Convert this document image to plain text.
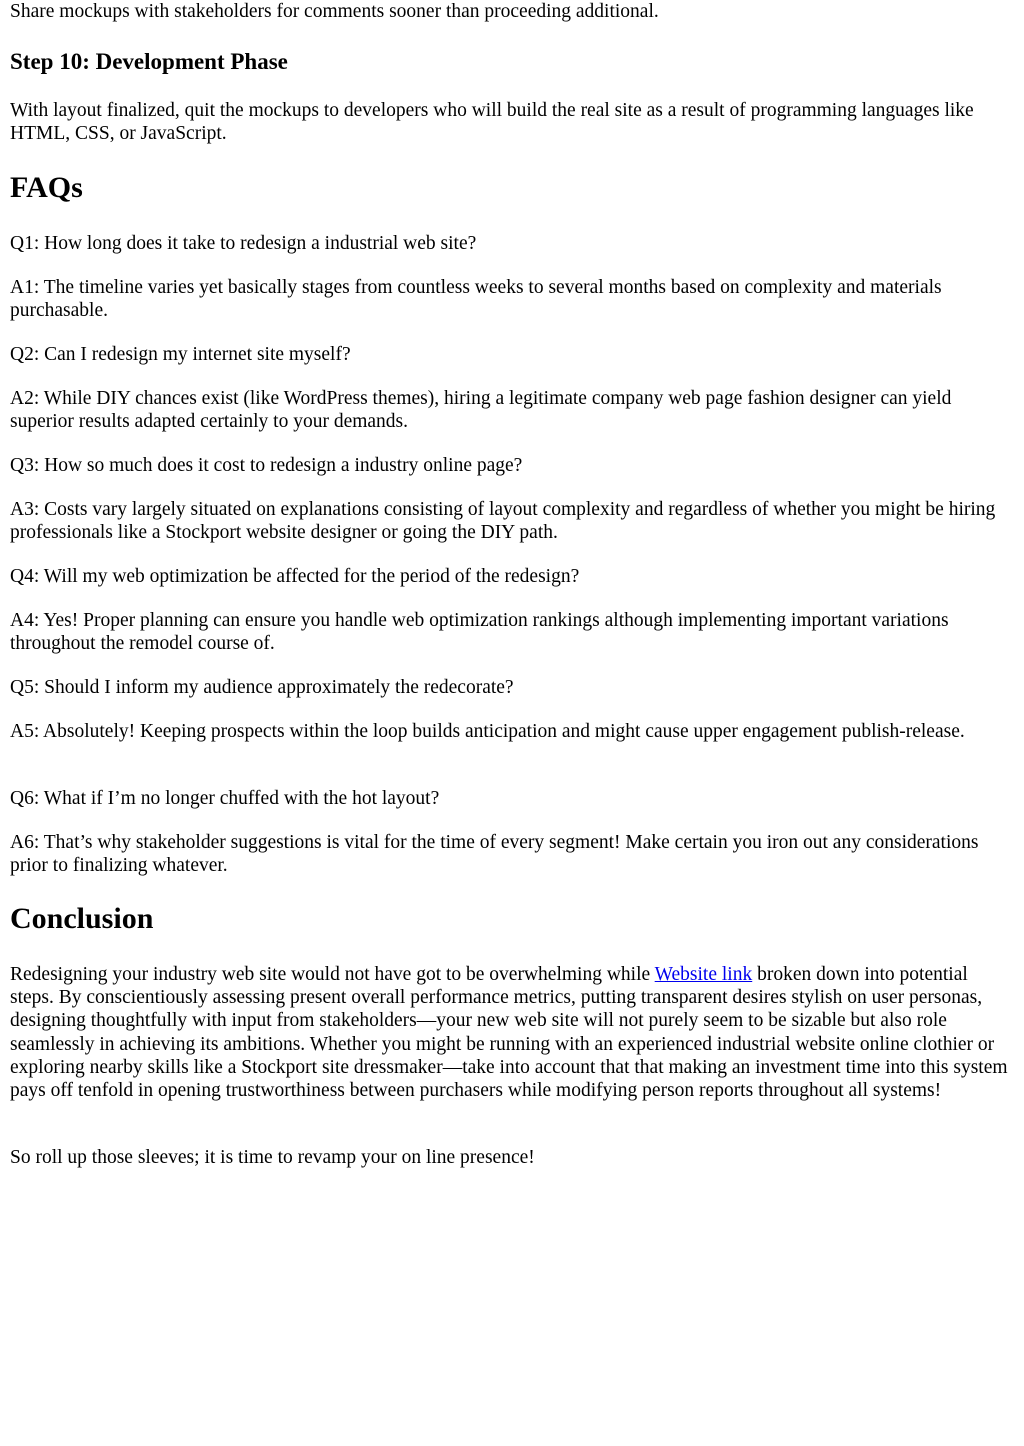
Share mockups with stakeholders for comments sooner than proceeding additional.

Step 10: Development Phase

With layout finalized, quit the mockups to developers who will build the real site as a result of programming languages like HTML, CSS, or JavaScript.

FAQs

Q1: How long does it take to redesign a industrial web site?

A1: The timeline varies yet basically stages from countless weeks to several months based on complexity and materials purchasable.

Q2: Can I redesign my internet site myself?

A2: While DIY chances exist (like WordPress themes), hiring a legitimate company web page fashion designer can yield superior results adapted certainly to your demands.

Q3: How so much does it cost to redesign a industry online page?

A3: Costs vary largely situated on explanations consisting of layout complexity and regardless of whether you might be hiring professionals like a Stockport website designer or going the DIY path.

Q4: Will my web optimization be affected for the period of the redesign?

A4: Yes! Proper planning can ensure you handle web optimization rankings although implementing important variations throughout the remodel course of.

Q5: Should I inform my audience approximately the redecorate?

A5: Absolutely! Keeping prospects within the loop builds anticipation and might cause upper engagement publish-release.

Q6: What if I’m no longer chuffed with the hot layout?

A6: That’s why stakeholder suggestions is vital for the time of every segment! Make certain you iron out any considerations prior to finalizing whatever.

Conclusion

Redesigning your industry web site would not have got to be overwhelming while Website link broken down into potential steps. By conscientiously assessing present overall performance metrics, putting transparent desires stylish on user personas, designing thoughtfully with input from stakeholders—your new web site will not purely seem to be sizable but also role seamlessly in achieving its ambitions. Whether you might be running with an experienced industrial website online clothier or exploring nearby skills like a Stockport site dressmaker—take into account that that making an investment time into this system pays off tenfold in opening trustworthiness between purchasers while modifying person reports throughout all systems!

So roll up those sleeves; it is time to revamp your on line presence!
